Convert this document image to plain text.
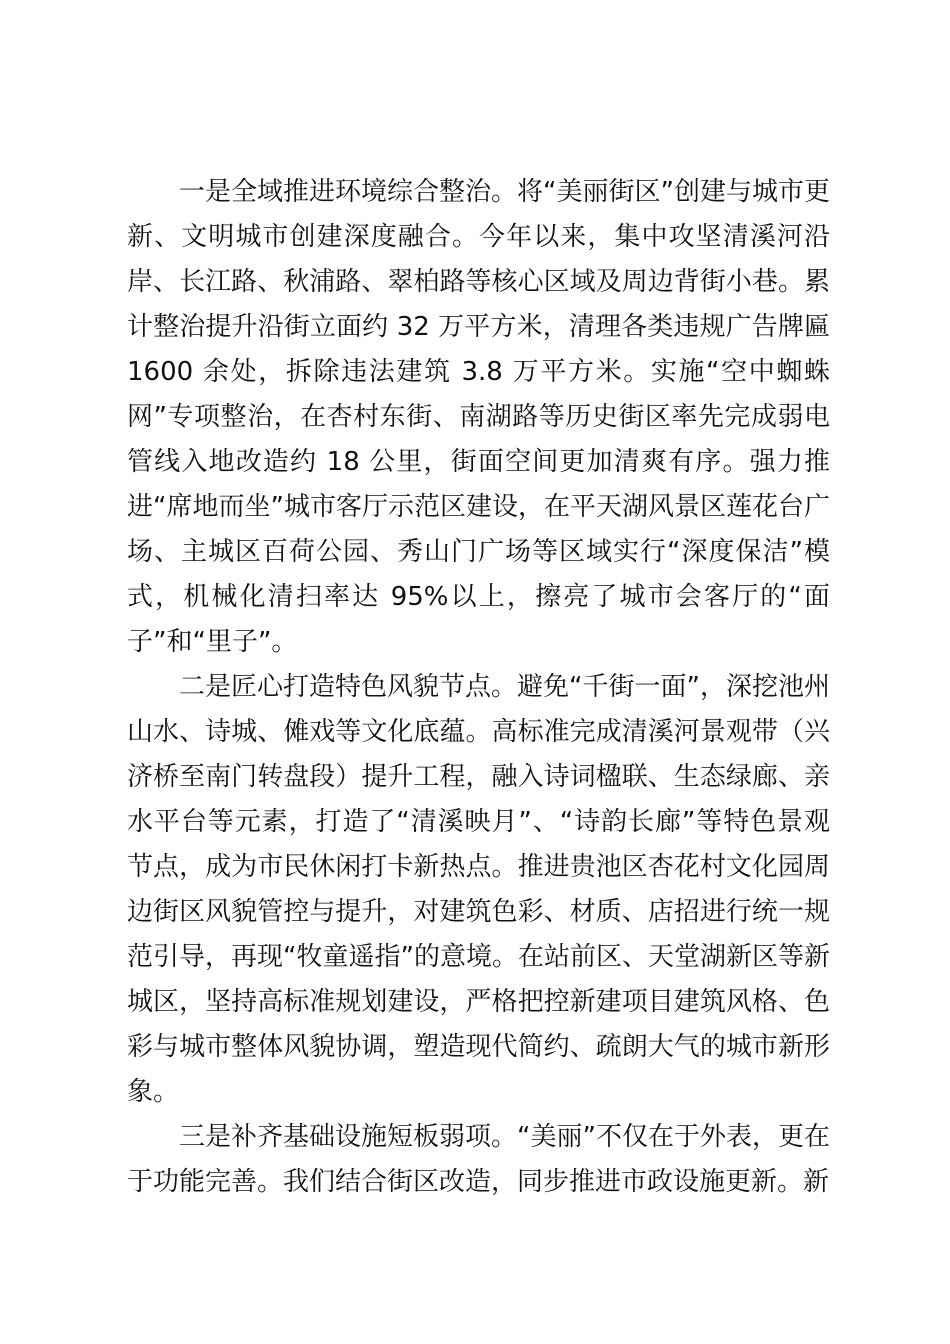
一是全域推进环境综合整治。将“美丽街区”创建与城市更新、文明城市创建深度融合。今年以来，集中攻坚清溪河沿岸、长江路、秋浦路、翠柏路等核心区域及周边背街小巷。累计整治提升沿街立面约 32 万平方米，清理各类违规广告牌匾 1600 余处，拆除违法建筑 3.8 万平方米。实施“空中蜘蛛网”专项整治，在杏村东街、南湖路等历史街区率先完成弱电管线入地改造约 18 公里，街面空间更加清爽有序。强力推进“席地而坐”城市客厅示范区建设，在平天湖风景区莲花台广场、主城区百荷公园、秀山门广场等区域实行“深度保洁”模式，机械化清扫率达 95%以上，擦亮了城市会客厅的“面子”和“里子”。

二是匠心打造特色风貌节点。避免“千街一面”，深挖池州山水、诗城、傩戏等文化底蕴。高标准完成清溪河景观带（兴济桥至南门转盘段）提升工程，融入诗词楹联、生态绿廊、亲水平台等元素，打造了“清溪映月”、“诗韵长廊”等特色景观节点，成为市民休闲打卡新热点。推进贵池区杏花村文化园周边街区风貌管控与提升，对建筑色彩、材质、店招进行统一规范引导，再现“牧童遥指”的意境。在站前区、天堂湖新区等新城区，坚持高标准规划建设，严格把控新建项目建筑风格、色彩与城市整体风貌协调，塑造现代简约、疏朗大气的城市新形象。

三是补齐基础设施短板弱项。“美丽”不仅在于外表，更在于功能完善。我们结合街区改造，同步推进市政设施更新。新
